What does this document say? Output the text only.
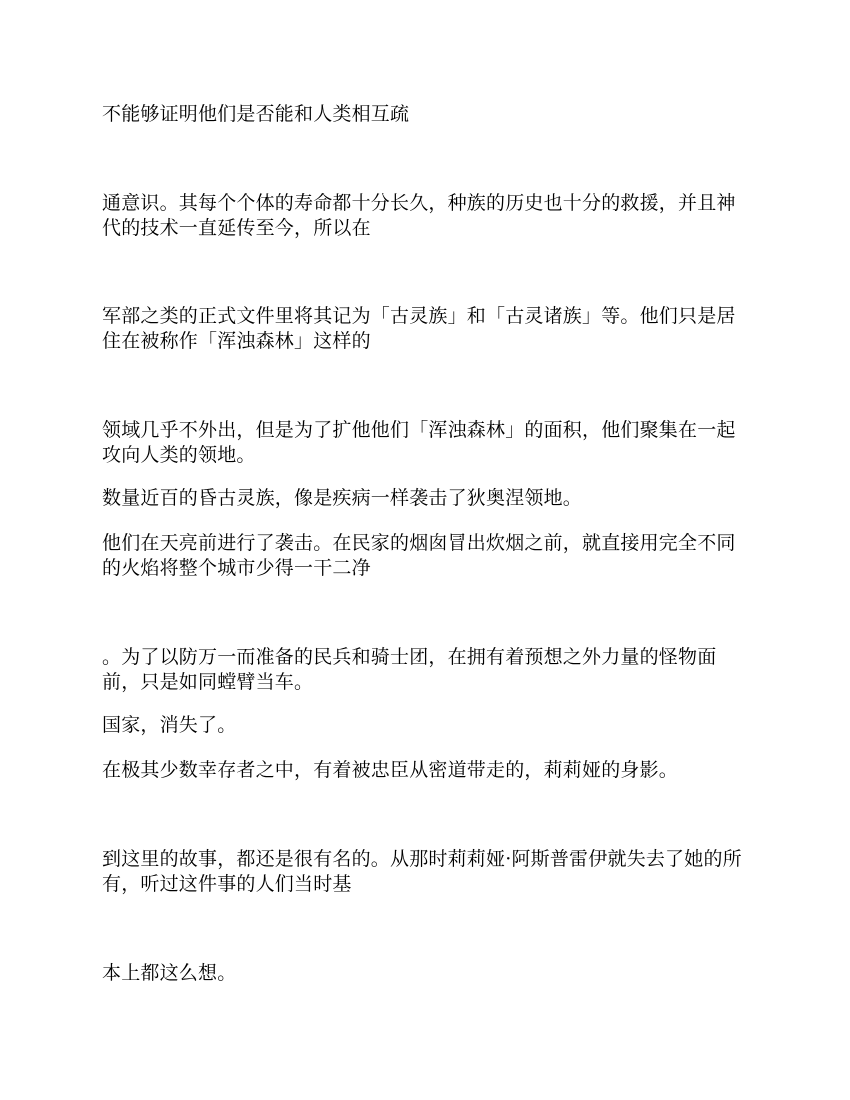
不能够证明他们是否能和人类相互疏

通意识。其每个个体的寿命都十分长久，种族的历史也十分的救援，并且神代的技术一直延传至今，所以在

军部之类的正式文件里将其记为「古灵族」和「古灵诸族」等。他们只是居住在被称作「浑浊森林」这样的

领域几乎不外出，但是为了扩他他们「浑浊森林」的面积，他们聚集在一起攻向人类的领地。

数量近百的昏古灵族，像是疾病一样袭击了狄奥涅领地。

他们在天亮前进行了袭击。在民家的烟囱冒出炊烟之前，就直接用完全不同的火焰将整个城市少得一干二净

。为了以防万一而准备的民兵和骑士团，在拥有着预想之外力量的怪物面前，只是如同螳臂当车。

国家，消失了。

在极其少数幸存者之中，有着被忠臣从密道带走的，莉莉娅的身影。

到这里的故事，都还是很有名的。从那时莉莉娅·阿斯普雷伊就失去了她的所有，听过这件事的人们当时基

本上都这么想。
